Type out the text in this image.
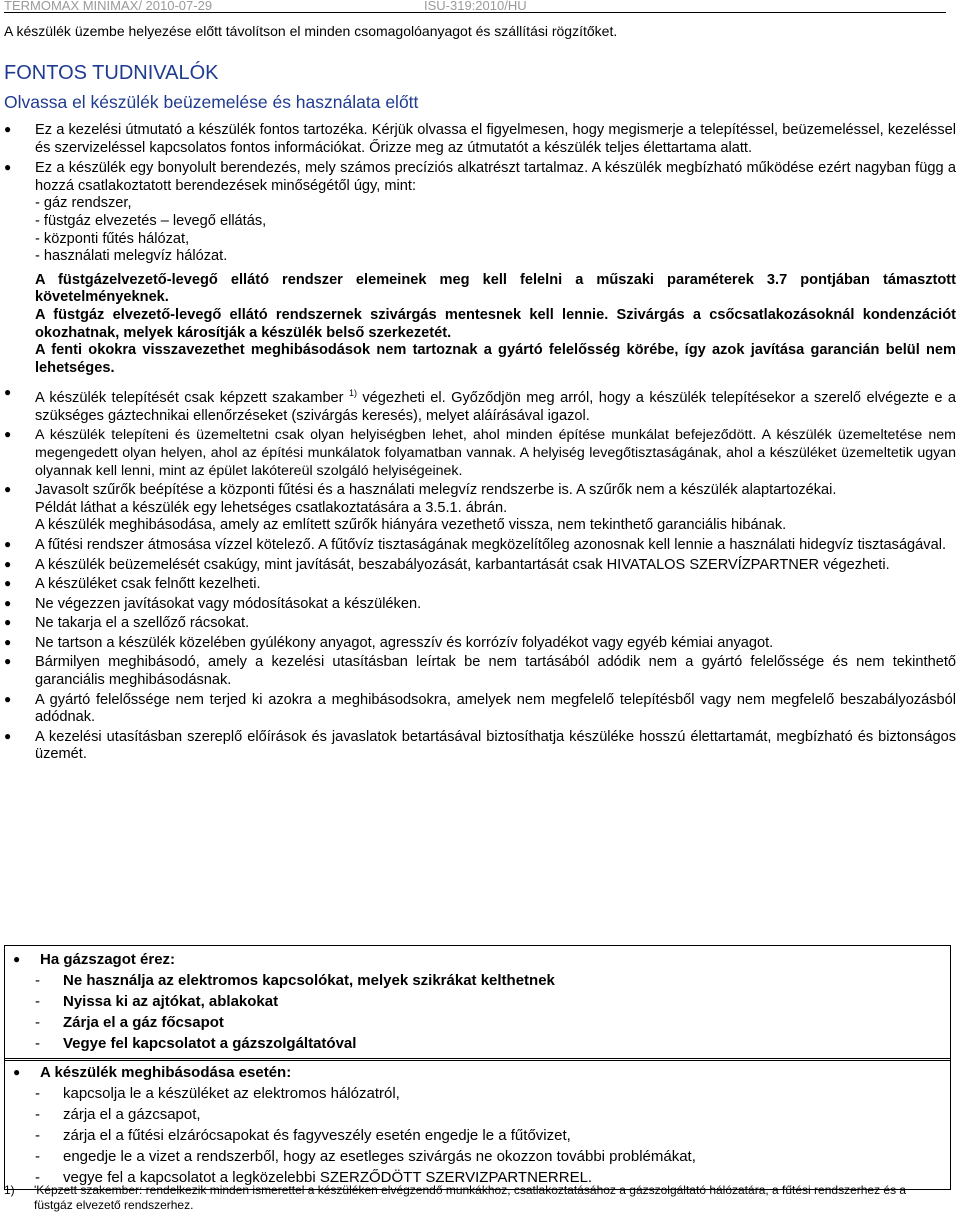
TERMOMAX MINIMAX/ 2010-07-29	ISU-319:2010/HU
A készülék üzembe helyezése előtt távolítson el minden csomagolóanyagot és szállítási rögzítőket.
FONTOS TUDNIVALÓK
Olvassa el készülék beüzemelése és használata előtt
● Ez a kezelési útmutató a készülék fontos tartozéka. Kérjük olvassa el figyelmesen, hogy megismerje a telepítéssel, beüzemeléssel, kezeléssel és szervizeléssel kapcsolatos fontos információkat. Őrizze meg az útmutatót a készülék teljes élettartama alatt.
● Ez a készülék egy bonyolult berendezés, mely számos precíziós alkatrészt tartalmaz. A készülék megbízható működése ezért nagyban függ a hozzá csatlakoztatott berendezések minőségétől úgy, mint:
- gáz rendszer,
- füstgáz elvezetés – levegő ellátás,
- központi fűtés hálózat,
- használati melegvíz hálózat.
A füstgázelvezető-levegő ellátó rendszer elemeinek meg kell felelni a műszaki paraméterek 3.7 pontjában támasztott követelményeknek.
A füstgáz elvezető-levegő ellátó rendszernek szivárgás mentesnek kell lennie. Szivárgás a csőcsatlakozásoknál kondenzációt okozhatnak, melyek károsítják a készülék belső szerkezetét.
A fenti okokra visszavezethet meghibásodások nem tartoznak a gyártó felelősség körébe, így azok javítása garancián belül nem lehetséges.
● A készülék telepítését csak képzett szakamber $^{1)}$ végezheti el. Győződjön meg arról, hogy a készülék telepítésekor a szerelő elvégezte e a szükséges gáztechnikai ellenőrzéseket (szivárgás keresés), melyet aláírásával igazol.
● A készülék telepíteni és üzemeltetni csak olyan helyiségben lehet, ahol minden építése munkálat befejeződött. A készülék üzemeltetése nem megengedett olyan helyen, ahol az építési munkálatok folyamatban vannak. A helyiség levegőtisztaságának, ahol a készüléket üzemeltetik ugyan olyannak kell lenni, mint az épület lakótereül szolgáló helyiségeinek.
● Javasolt szűrők beépítése a központi fűtési és a használati melegvíz rendszerbe is. A szűrők nem a készülék alaptartozékai.
Példát láthat a készülék egy lehetséges csatlakoztatására a 3.5.1. ábrán.
A készülék meghibásodása, amely az említett szűrők hiányára vezethető vissza, nem tekinthető garanciális hibának.
● A fűtési rendszer átmosása vízzel kötelező. A fűtővíz tisztaságának megközelítőleg azonosnak kell lennie a használati hidegvíz tisztaságával.
● A készülék beüzemelését csakúgy, mint javítását, beszabályozását, karbantartását csak HIVATALOS SZERVÍZPARTNER végezheti.
● A készüléket csak felnőtt kezelheti.
● Ne végezzen javításokat vagy módosításokat a készüléken.
● Ne takarja el a szellőző rácsokat.
● Ne tartson a készülék közelében gyúlékony anyagot, agresszív és korrózív folyadékot vagy egyéb kémiai anyagot.
● Bármilyen meghibásodó, amely a kezelési utasításban leírtak be nem tartásából adódik nem a gyártó felelőssége és nem tekinthető garanciális meghibásodásnak.
● A gyártó felelőssége nem terjed ki azokra a meghibásodsokra, amelyek nem megfelelő telepítésből vagy nem megfelelő beszabályozásból adódnak.
● A kezelési utasításban szereplő előírások és javaslatok betartásával biztosíthatja készüléke hosszú élettartamát, megbízható és biztonságos üzemét.
● Ha gázszagot érez:
- Ne használja az elektromos kapcsolókat, melyek szikrákat kelthetnek
- Nyissa ki az ajtókat, ablakokat
- Zárja el a gáz főcsapot
- Vegye fel kapcsolatot a gázszolgáltatóval
● A készülék meghibásodása esetén:
- kapcsolja le a készüléket az elektromos hálózatról,
- zárja el a gázcsapot,
- zárja el a fűtési elzárócsapokat és fagyveszély esetén engedje le a fűtővizet,
- engedje le a vizet a rendszerből, hogy az esetleges szivárgás ne okozzon további problémákat,
- vegye fel a kapcsolatot a legközelebbi SZERZŐDÖTT SZERVIZPARTNERREL.
1)	'Képzett szakember: rendelkezik minden ismerettel a készüléken elvégzendő munkákhoz, csatlakoztatásához a gázszolgáltató hálózatára, a fűtési rendszerhez és a füstgáz elvezető rendszerhez.
